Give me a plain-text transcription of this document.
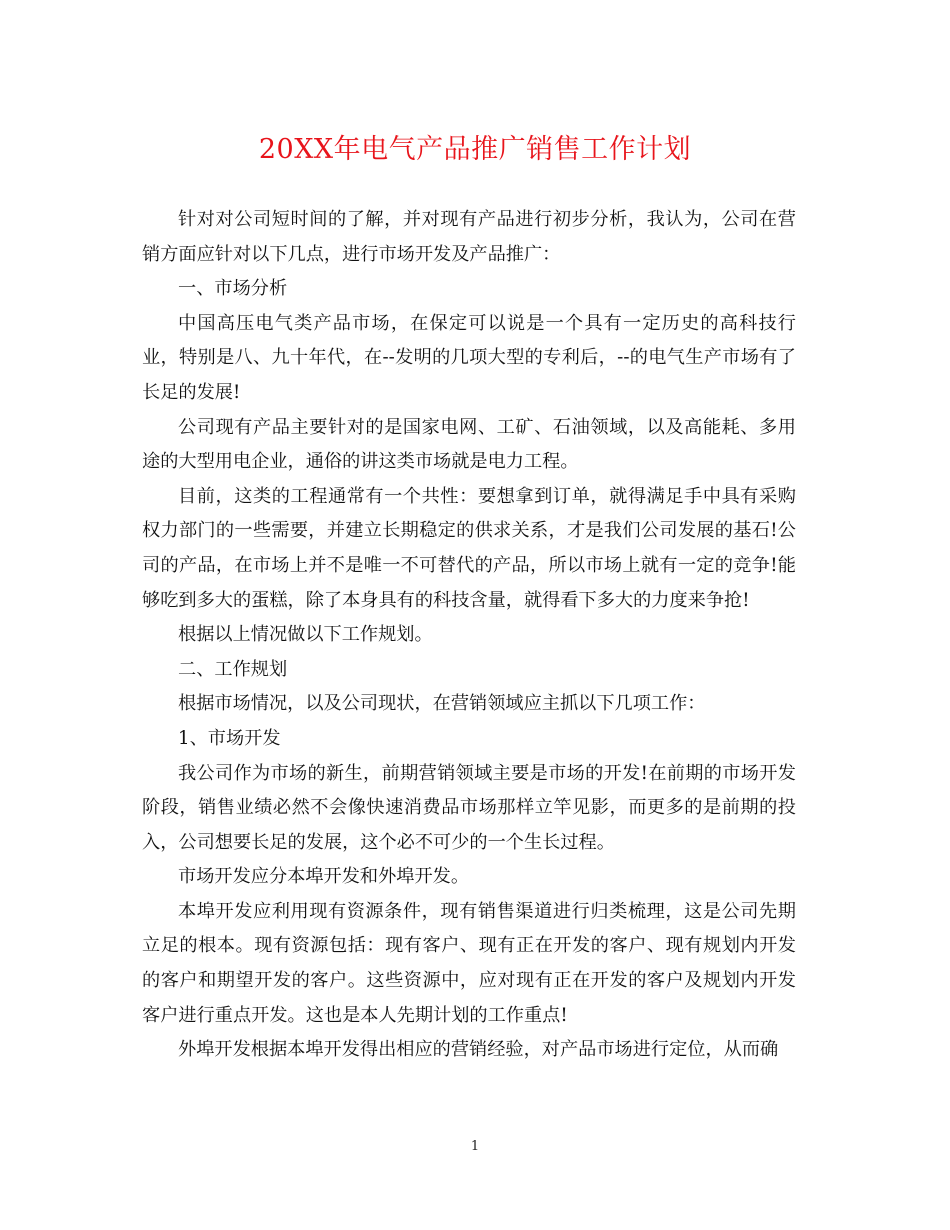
20XX年电气产品推广销售工作计划

针对对公司短时间的了解，并对现有产品进行初步分析，我认为，公司在营销方面应针对以下几点，进行市场开发及产品推广：

一、市场分析

中国高压电气类产品市场，在保定可以说是一个具有一定历史的高科技行业，特别是八、九十年代，在--发明的几项大型的专利后，--的电气生产市场有了长足的发展!

公司现有产品主要针对的是国家电网、工矿、石油领域，以及高能耗、多用途的大型用电企业，通俗的讲这类市场就是电力工程。

目前，这类的工程通常有一个共性：要想拿到订单，就得满足手中具有采购权力部门的一些需要，并建立长期稳定的供求关系，才是我们公司发展的基石!公司的产品，在市场上并不是唯一不可替代的产品，所以市场上就有一定的竞争!能够吃到多大的蛋糕，除了本身具有的科技含量，就得看下多大的力度来争抢!

根据以上情况做以下工作规划。

二、工作规划

根据市场情况，以及公司现状，在营销领域应主抓以下几项工作：

1、市场开发

我公司作为市场的新生，前期营销领域主要是市场的开发!在前期的市场开发阶段，销售业绩必然不会像快速消费品市场那样立竿见影，而更多的是前期的投入，公司想要长足的发展，这个必不可少的一个生长过程。

市场开发应分本埠开发和外埠开发。

本埠开发应利用现有资源条件，现有销售渠道进行归类梳理，这是公司先期立足的根本。现有资源包括：现有客户、现有正在开发的客户、现有规划内开发的客户和期望开发的客户。这些资源中，应对现有正在开发的客户及规划内开发客户进行重点开发。这也是本人先期计划的工作重点!

外埠开发根据本埠开发得出相应的营销经验，对产品市场进行定位，从而确

1
